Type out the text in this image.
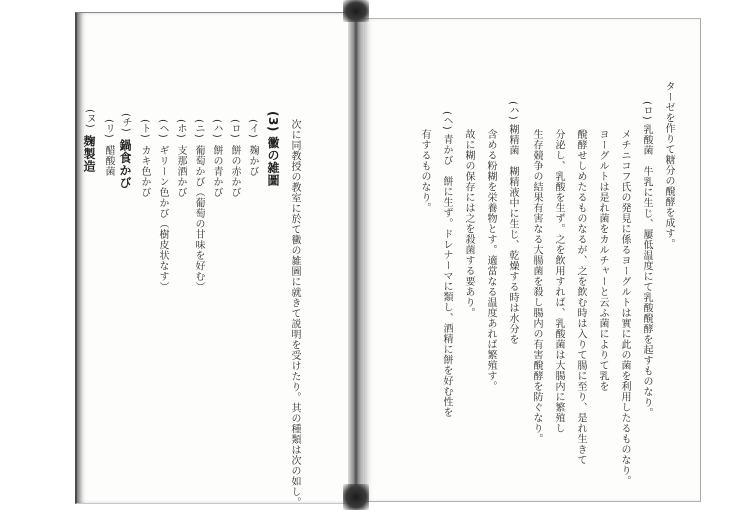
次に同教授の教室に於て黴の雑圖に就きて説明を受けたり。其の種類は次の如し。
(3) 黴の雑圖
(イ)麹かび
(ロ)餅の赤かび
(ハ)餅の青かび
(ニ)葡萄かび（葡萄の甘味を好む）
(ホ)支那酒かび
(ヘ)ギリーン色かび（樹皮状なす）
(ト)カキ色かび
(チ)鍋食かび
(リ)醋酸菌
(ヌ)麹製造	ターゼを作りて糖分の醗酵を成す。
(ロ) 乳酸菌　牛乳に生じ、屢低温度にて乳酸醗酵を起すものなり。
メチニコフ氏の発見に係るヨーグルトは實に此の菌を利用したるものなり。
ヨーグルトは是れ菌をカルチャーと云ふ菌によりて乳を
醗酵せしめたるものなるが、之を飲む時は入りて腸に至り、是れ生きて
分泌し、乳酸を生ず。之を飲用すれば、乳酸菌は大腸内に繁殖し
生存競争の結果有害なる大腸菌を殺し腸内の有害醗酵を防ぐなり。
(ハ) 糊精菌　糊精液中に生じ、乾燥する時は水分を
含める粉糊を栄養物とす。適當なる温度あれば繁殖す。
故に糊の保存には之を殺菌する要あり。
(ヘ) 青かび　餅に生ず。ドレナーマに類し、酒精に餅を好む性を
有するものなり。
